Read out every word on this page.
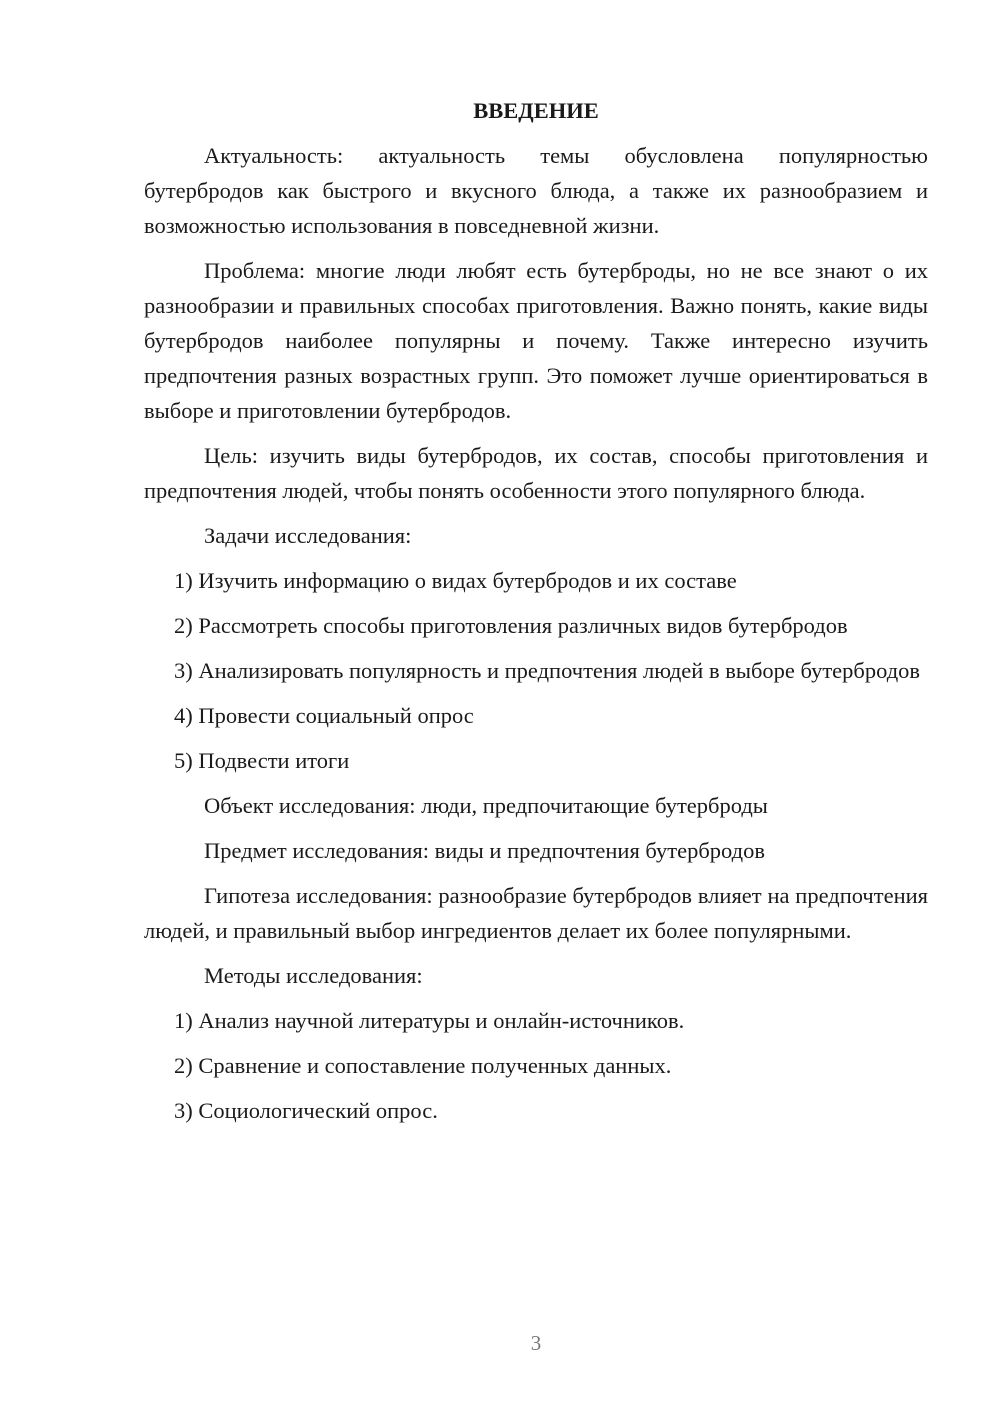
ВВЕДЕНИЕ

Актуальность: актуальность темы обусловлена популярностью бутербродов как быстрого и вкусного блюда, а также их разнообразием и возможностью использования в повседневной жизни.

Проблема: многие люди любят есть бутерброды, но не все знают о их разнообразии и правильных способах приготовления. Важно понять, какие виды бутербродов наиболее популярны и почему. Также интересно изучить предпочтения разных возрастных групп. Это поможет лучше ориентироваться в выборе и приготовлении бутербродов.

Цель: изучить виды бутербродов, их состав, способы приготовления и предпочтения людей, чтобы понять особенности этого популярного блюда.

Задачи исследования:

1) Изучить информацию о видах бутербродов и их составе

2) Рассмотреть способы приготовления различных видов бутербродов

3) Анализировать популярность и предпочтения людей в выборе бутербродов

4) Провести социальный опрос

5) Подвести итоги

Объект исследования: люди, предпочитающие бутерброды

Предмет исследования: виды и предпочтения бутербродов

Гипотеза исследования: разнообразие бутербродов влияет на предпочтения людей, и правильный выбор ингредиентов делает их более популярными.

Методы исследования:

1) Анализ научной литературы и онлайн-источников.

2) Сравнение и сопоставление полученных данных.

3) Социологический опрос.

3
